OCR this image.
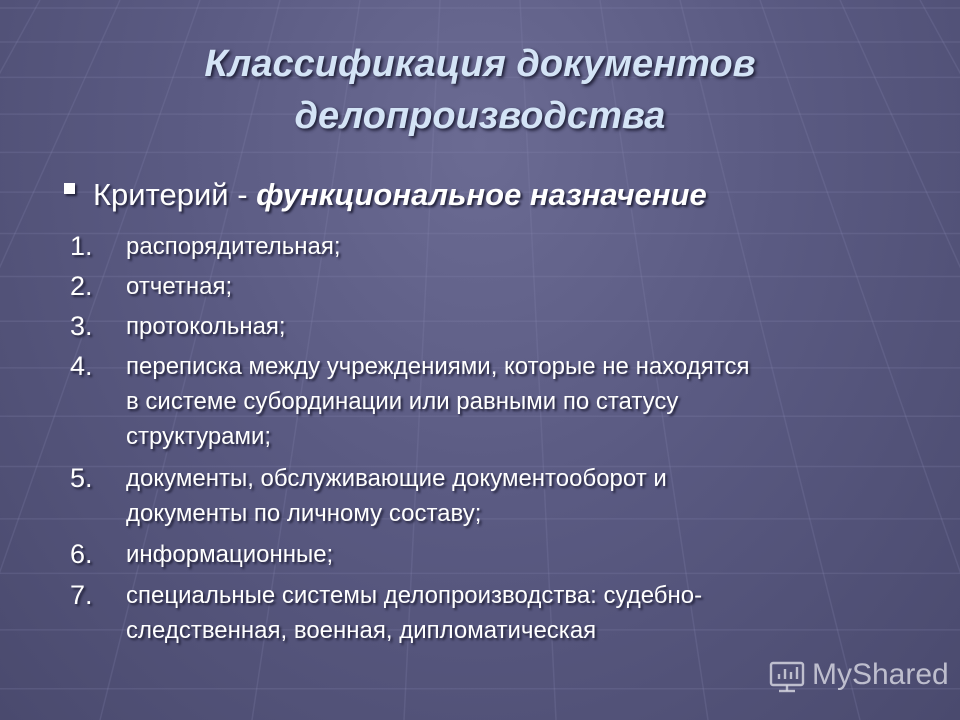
Классификация документов
делопроизводства
Критерий - функциональное назначение
1. распорядительная;
2. отчетная;
3. протокольная;
4. переписка между учреждениями, которые не находятся
в системе субординации или равными по статусу
структурами;
5. документы, обслуживающие документооборот и
документы по личному составу;
6. информационные;
7. специальные системы делопроизводства: судебно-
следственная, военная, дипломатическая
MyShared
